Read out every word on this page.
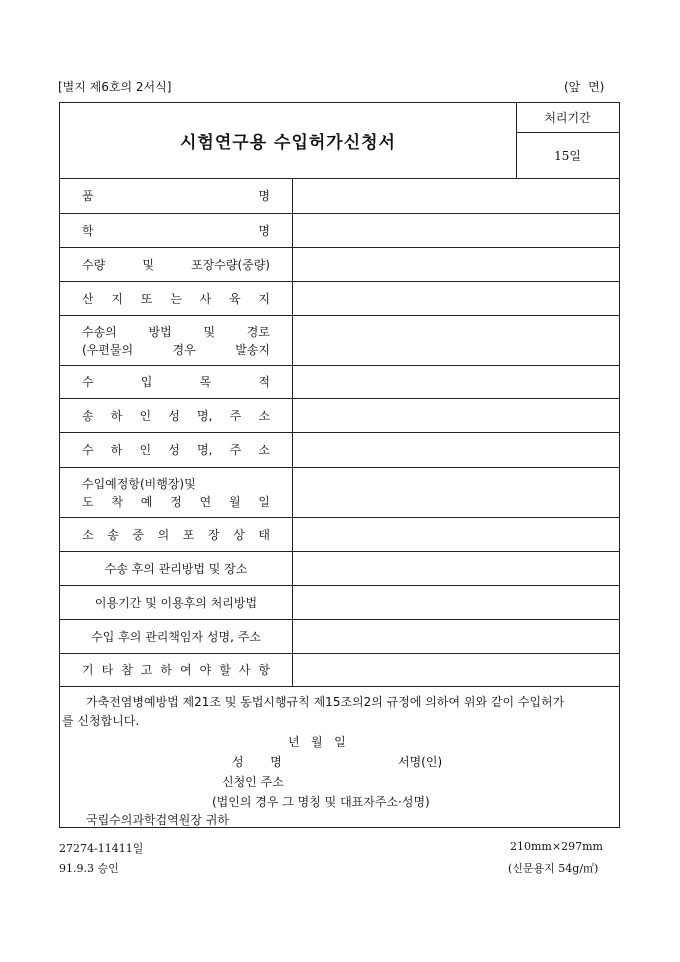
[별지 제6호의 2서식]	(앞 면)
시험연구용 수입허가신청서
처리기간
15일
품 명
학 명
수량 및 포장수량(중량)
산 지 또 는 사 육 지
수송의 방법 및 경로
(우편물의 경우 발송지
수 입 목 적
송 하 인 성 명, 주 소
수 하 인 성 명, 주 소
수입예정항(비행장)및
도 착 예 정 연 월 일
소 송 중 의 포 장 상 태
수송 후의 관리방법 및 장소
이용기간 및 이용후의 처리방법
수입 후의 관리책임자 성명, 주소
기 타 참 고 하 여 야 할 사 항
가축전염병예방법 제21조 및 동법시행규칙 제15조의2의 규정에 의하여 위와 같이 수입허가
를 신청합니다.
년   월   일
성       명	서명(인)
신청인 주소
(법인의 경우 그 명칭 및 대표자주소·성명)
국립수의과학검역원장 귀하
27274-11411일
91.9.3 승인
210mm×297mm
(신문용지 54g/㎡)
